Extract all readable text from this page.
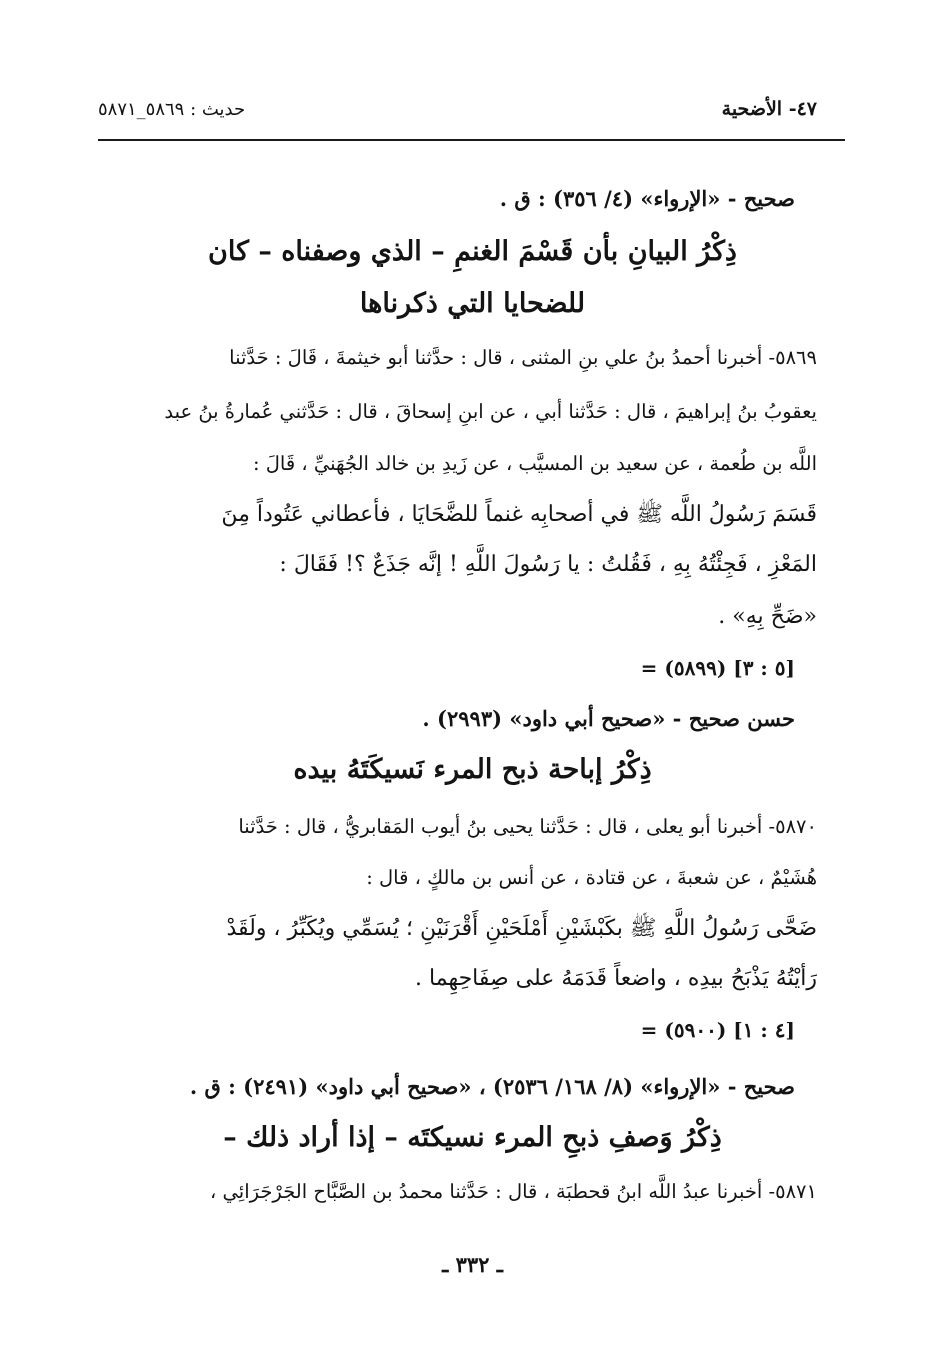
٤٧- الأضحية
حديث : ٥٨٦٩_٥٨٧١
صحيح - «الإرواء» (٤/ ٣٥٦) : ق .
ذِكْرُ البيانِ بأن قَسْمَ الغنمِ – الذي وصفناه – كان
للضحايا التي ذكرناها
٥٨٦٩- أخبرنا أحمدُ بنُ علي بنِ المثنى ، قال : حدَّثنا أبو خيثمةَ ، قَالَ : حَدَّثنا
يعقوبُ بنُ إبراهيمَ ، قال : حَدَّثنا أبي ، عن ابنِ إسحاقَ ، قال : حَدَّثني عُمارةُ بنُ عبد
اللَّه بن طُعمة ، عن سعيد بن المسيَّب ، عن زَيدِ بن خالد الجُهَنيِّ ، قَالَ :
قَسَمَ رَسُولُ اللَّه ﷺ في أصحابِه غنماً للضَّحَايَا ، فأعطاني عَتُوداً مِنَ
المَعْزِ ، فَجِئْتُهُ بِهِ ، فَقُلتُ : يا رَسُولَ اللَّهِ ! إنَّه جَذَعٌ ؟! فَقَالَ :
«ضَحِّ بِهِ» .
= (٥٨٩٩) [٥ : ٣]
حسن صحيح - «صحيح أبي داود» (٢٩٩٣) .
ذِكْرُ إباحة ذبح المرء نَسيكَتَهُ بيده
٥٨٧٠- أخبرنا أبو يعلى ، قال : حَدَّثنا يحيى بنُ أيوب المَقابريُّ ، قال : حَدَّثنا
هُشَيْمٌ ، عن شعبةَ ، عن قتادة ، عن أنس بن مالكٍ ، قال :
ضَحَّى رَسُولُ اللَّهِ ﷺ بكَبْشَيْنِ أَمْلَحَيْنِ أَقْرَنَيْنِ ؛ يُسَمِّي ويُكَبِّرُ ، ولَقَدْ
رَأيْتُهُ يَذْبَحُ بيدِه ، واضعاً قَدَمَهُ على صِفَاحِهِما .
= (٥٩٠٠) [٤ : ١]
صحيح - «الإرواء» (٨/ ١٦٨/ ٢٥٣٦) ، «صحيح أبي داود» (٢٤٩١) : ق .
ذِكْرُ وَصفِ ذبحِ المرء نسيكتَه – إذا أراد ذلك –
٥٨٧١- أخبرنا عبدُ اللَّه ابنُ قحطبَة ، قال : حَدَّثنا محمدُ بن الصَّبَّاح الجَرْجَرَائِي ،
ـ ٣٣٢ ـ
